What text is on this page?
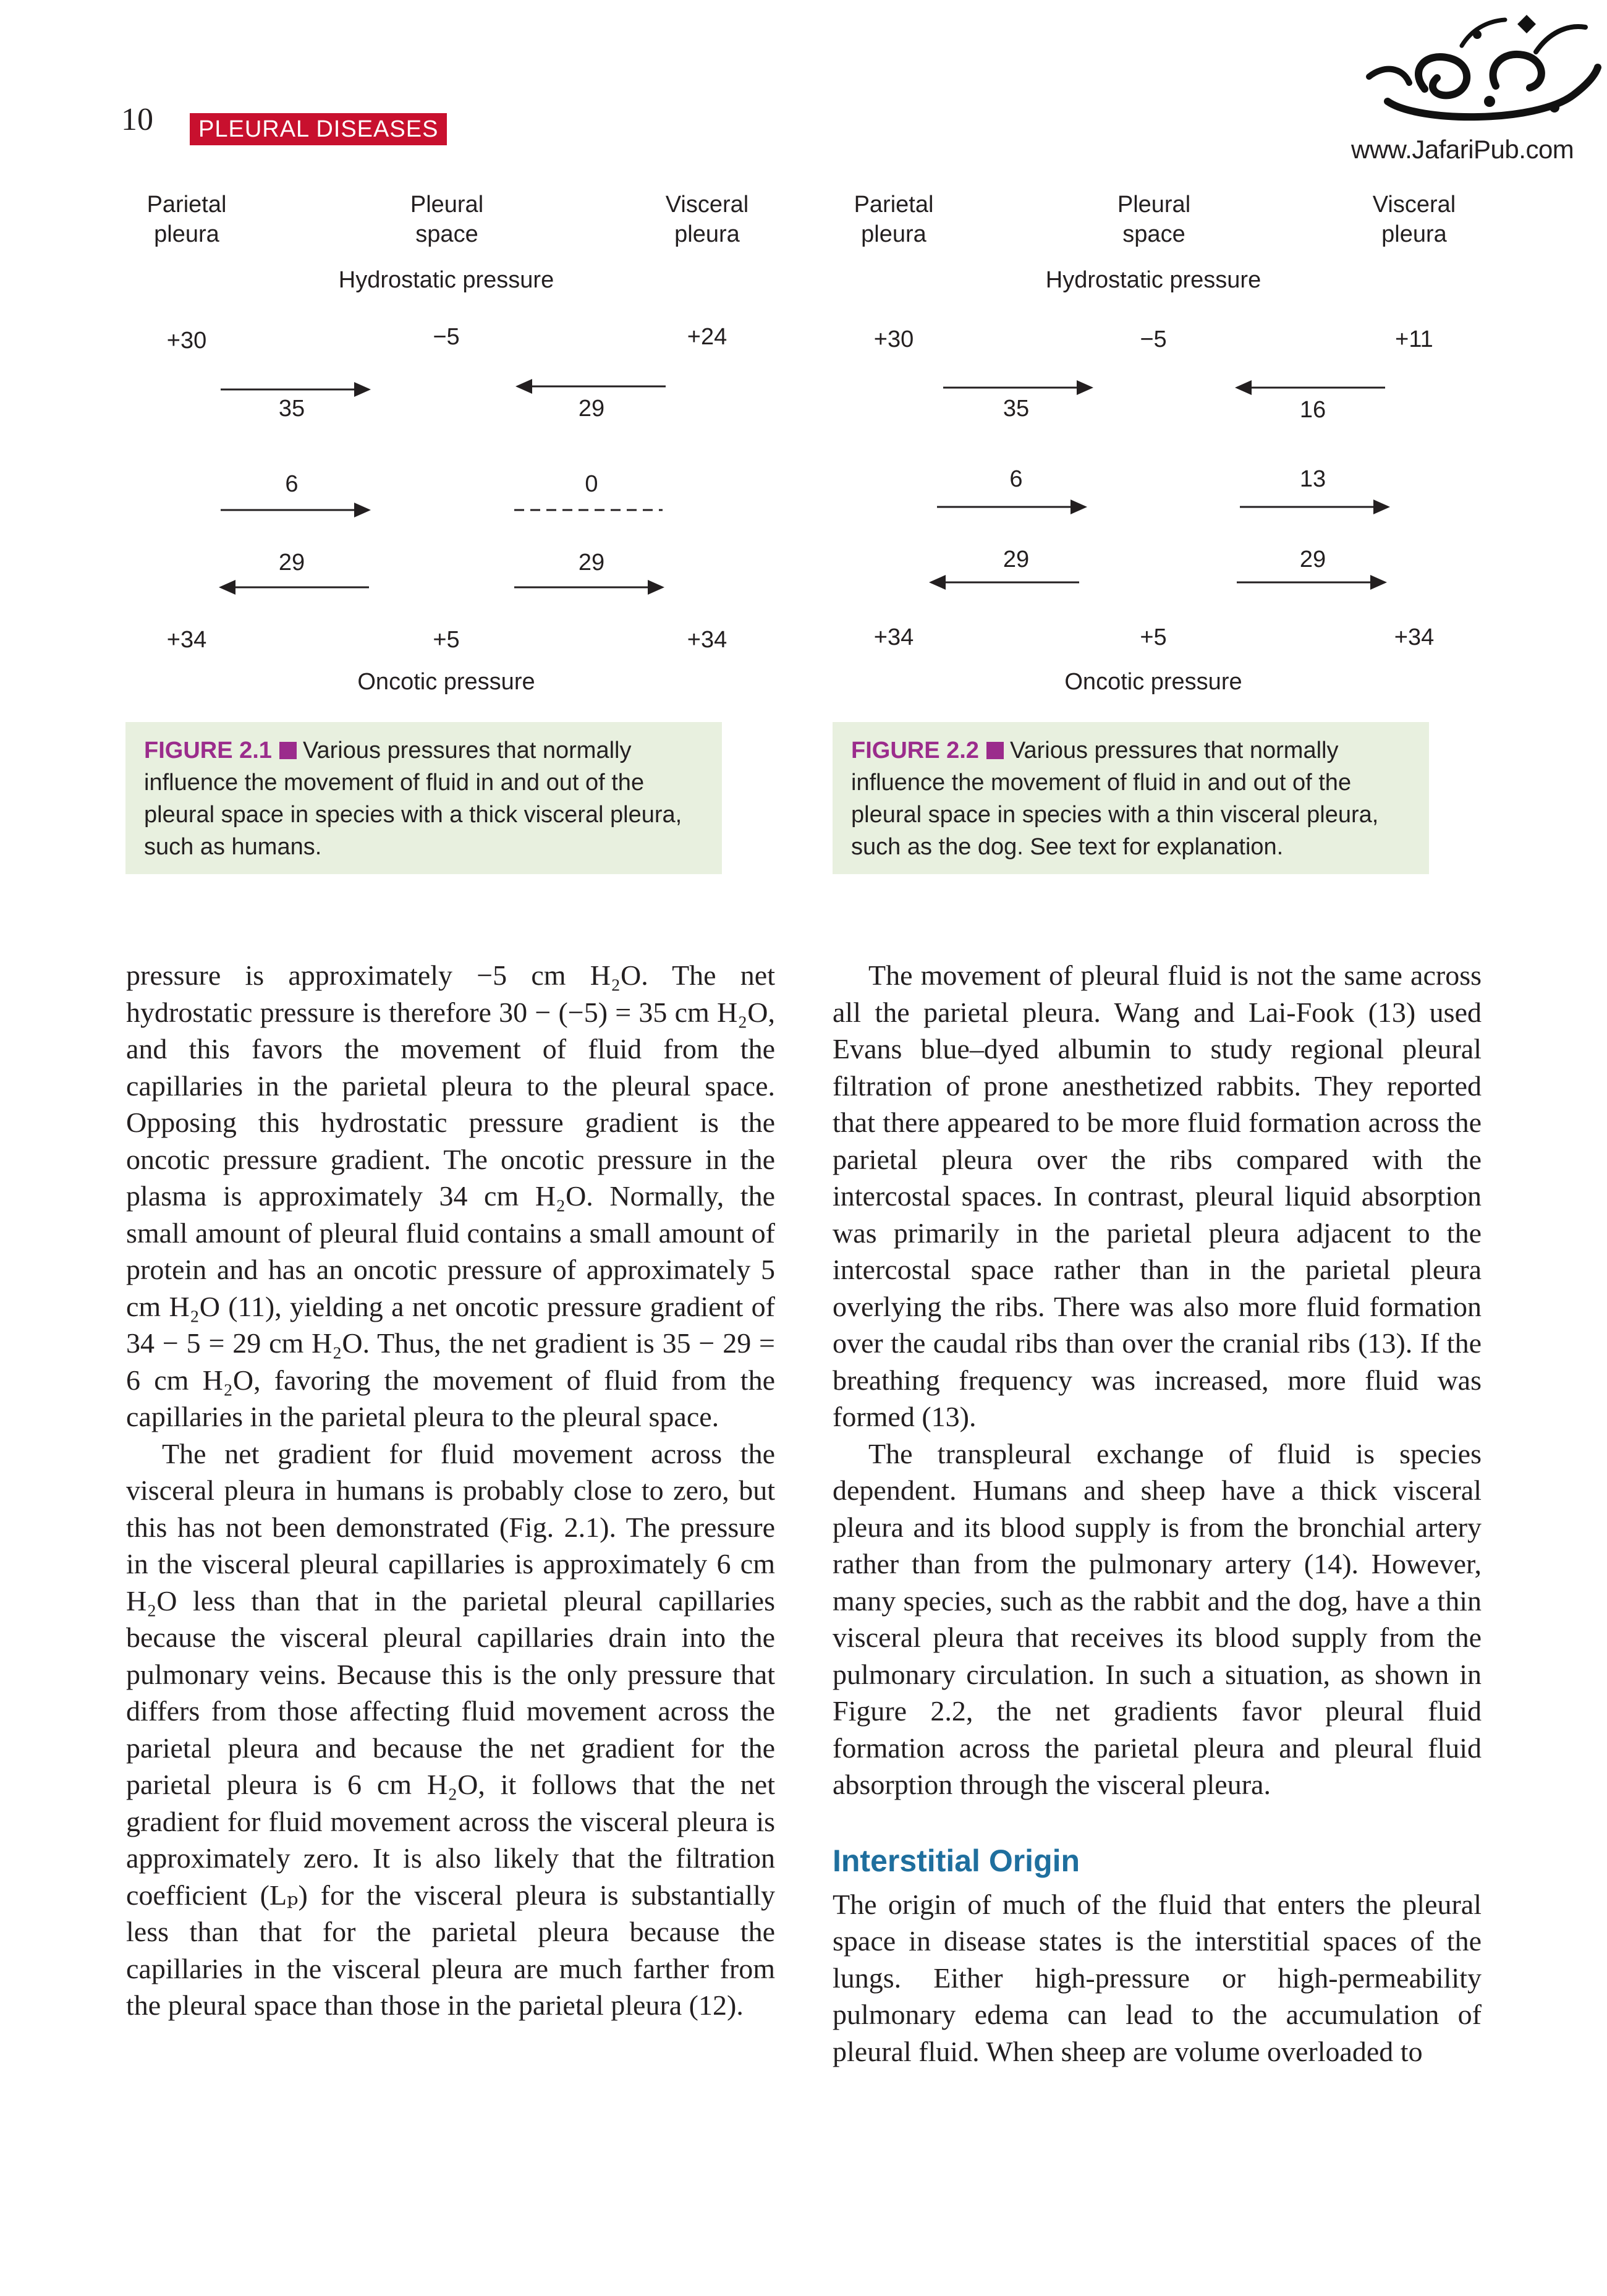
10	PLEURAL DISEASES
www.JafariPub.com
Parietal
pleura
Pleural
space
Visceral
pleura
Hydrostatic pressure
+30	−5	+24
35	29
6	0
29	29
+34	+5	+34
Oncotic pressure
FIGURE 2.1 Various pressures that normally influence the movement of fluid in and out of the pleural space in species with a thick visceral pleura, such as humans.
Parietal
pleura
Pleural
space
Visceral
pleura
Hydrostatic pressure
+30	−5	+11
35	16
6	13
29	29
+34	+5	+34
Oncotic pressure
FIGURE 2.2 Various pressures that normally influence the movement of fluid in and out of the pleural space in species with a thin visceral pleura, such as the dog. See text for explanation.

pressure is approximately −5 cm H₂O. The net hydrostatic pressure is therefore 30 − (−5) = 35 cm H₂O, and this favors the movement of fluid from the capillaries in the parietal pleura to the pleural space. Opposing this hydrostatic pressure gradient is the oncotic pressure gradient. The oncotic pressure in the plasma is approximately 34 cm H₂O. Normally, the small amount of pleural fluid contains a small amount of protein and has an oncotic pressure of approximately 5 cm H₂O (11), yielding a net oncotic pressure gradient of 34 − 5 = 29 cm H₂O. Thus, the net gradient is 35 − 29 = 6 cm H₂O, favoring the movement of fluid from the capillaries in the parietal pleura to the pleural space.

The net gradient for fluid movement across the visceral pleura in humans is probably close to zero, but this has not been demonstrated (Fig. 2.1). The pressure in the visceral pleural capillaries is approximately 6 cm H₂O less than that in the parietal pleural capillaries because the visceral pleural capillaries drain into the pulmonary veins. Because this is the only pressure that differs from those affecting fluid movement across the parietal pleura and because the net gradient for the parietal pleura is 6 cm H₂O, it follows that the net gradient for fluid movement across the visceral pleura is approximately zero. It is also likely that the filtration coefficient (Lₚ) for the visceral pleura is substantially less than that for the parietal pleura because the capillaries in the visceral pleura are much farther from the pleural space than those in the parietal pleura (12).

The movement of pleural fluid is not the same across all the parietal pleura. Wang and Lai-Fook (13) used Evans blue–dyed albumin to study regional pleural filtration of prone anesthetized rabbits. They reported that there appeared to be more fluid formation across the parietal pleura over the ribs compared with the intercostal spaces. In contrast, pleural liquid absorption was primarily in the parietal pleura adjacent to the intercostal space rather than in the parietal pleura overlying the ribs. There was also more fluid formation over the caudal ribs than over the cranial ribs (13). If the breathing frequency was increased, more fluid was formed (13).

The transpleural exchange of fluid is species dependent. Humans and sheep have a thick visceral pleura and its blood supply is from the bronchial artery rather than from the pulmonary artery (14). However, many species, such as the rabbit and the dog, have a thin visceral pleura that receives its blood supply from the pulmonary circulation. In such a situation, as shown in Figure 2.2, the net gradients favor pleural fluid formation across the parietal pleura and pleural fluid absorption through the visceral pleura.

Interstitial Origin

The origin of much of the fluid that enters the pleural space in disease states is the interstitial spaces of the lungs. Either high-pressure or high-permeability pulmonary edema can lead to the accumulation of pleural fluid. When sheep are volume overloaded to
